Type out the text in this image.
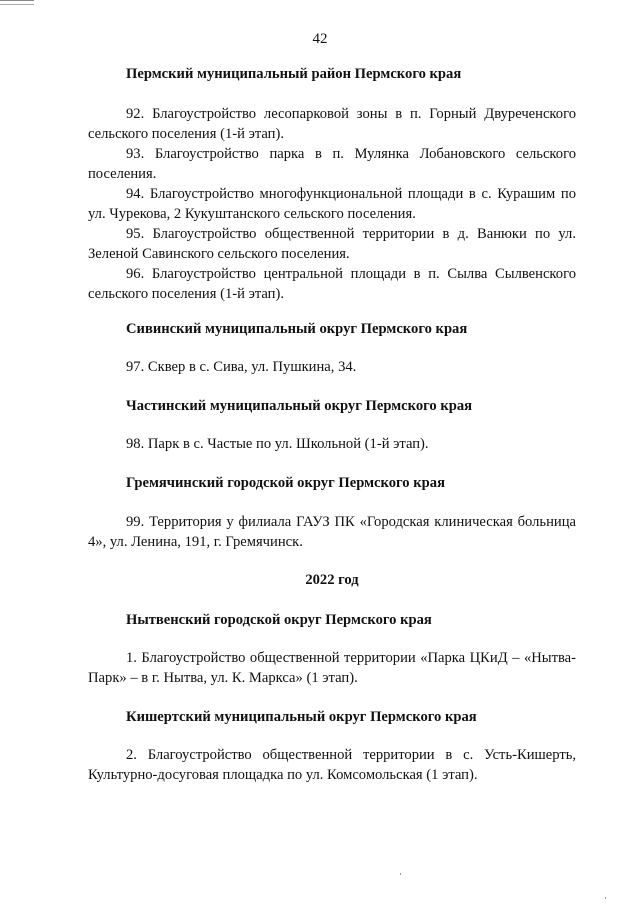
42
Пермский муниципальный район Пермского края

92. Благоустройство лесопарковой зоны в п. Горный Двуреченского сельского поселения (1-й этап).

93. Благоустройство парка в п. Мулянка Лобановского сельского поселения.

94. Благоустройство многофункциональной площади в с. Курашим по ул. Чурекова, 2 Кукуштанского сельского поселения.

95. Благоустройство общественной территории в д. Ванюки по ул. Зеленой Савинского сельского поселения.

96. Благоустройство центральной площади в п. Сылва Сылвенского сельского поселения (1-й этап).

Сивинский муниципальный округ Пермского края

97. Сквер в с. Сива, ул. Пушкина, 34.

Частинский муниципальный округ Пермского края

98. Парк в с. Частые по ул. Школьной (1-й этап).

Гремячинский городской округ Пермского края

99. Территория у филиала ГАУЗ ПК «Городская клиническая больница 4», ул. Ленина, 191, г. Гремячинск.

2022 год
Нытвенский городской округ Пермского края

1. Благоустройство общественной территории «Парка ЦКиД – «Нытва-Парк» – в г. Нытва, ул. К. Маркса» (1 этап).

Кишертский муниципальный округ Пермского края

2. Благоустройство общественной территории в с. Усть-Кишерть, Культурно-досуговая площадка по ул. Комсомольская (1 этап).
